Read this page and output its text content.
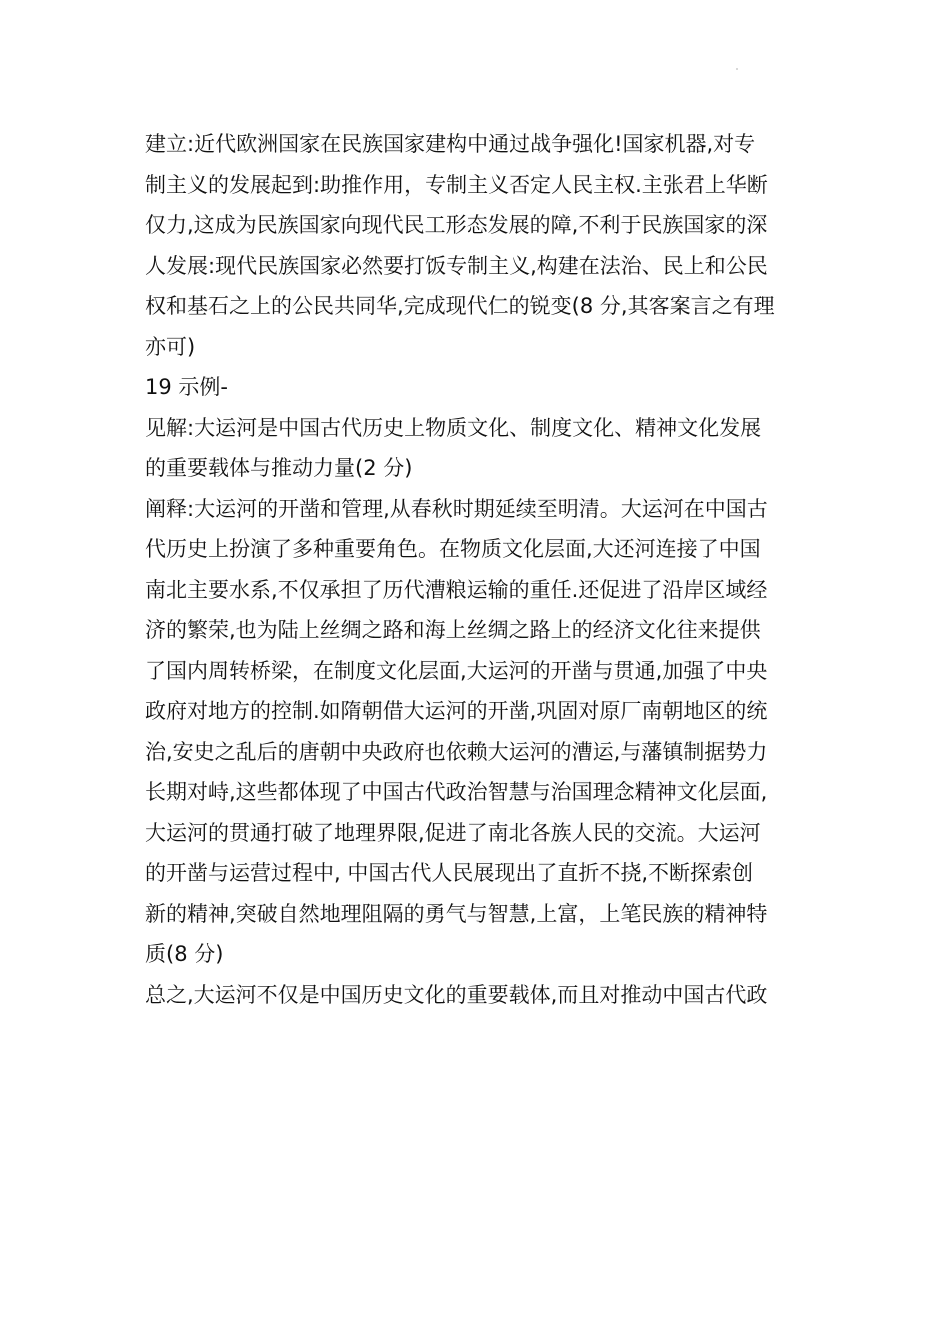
建立:近代欧洲国家在民族国家建构中通过战争强化!国家机器,对专
制主义的发展起到:助推作用，专制主义否定人民主权.主张君上华断
仅力,这成为民族国家向现代民工形态发展的障,不利于民族国家的深
人发展:现代民族国家必然要打饭专制主义,构建在法治、民上和公民
权和基石之上的公民共同华,完成现代仁的锐变(8 分,其客案言之有理
亦可)
19 示例-
见解:大运河是中国古代历史上物质文化、制度文化、精神文化发展
的重要载体与推动力量(2 分)
阐释:大运河的开凿和管理,从春秋时期延续至明清。大运河在中国古
代历史上扮演了多种重要角色。在物质文化层面,大还河连接了中国
南北主要水系,不仅承担了历代漕粮运输的重任.还促进了沿岸区域经
济的繁荣,也为陆上丝绸之路和海上丝绸之路上的经济文化往来提供
了国内周转桥梁，在制度文化层面,大运河的开凿与贯通,加强了中央
政府对地方的控制.如隋朝借大运河的开凿,巩固对原厂南朝地区的统
治,安史之乱后的唐朝中央政府也依赖大运河的漕运,与藩镇制据势力
长期对峙,这些都体现了中国古代政治智慧与治国理念精神文化层面,
大运河的贯通打破了地理界限,促进了南北各族人民的交流。大运河
的开凿与运营过程中, 中国古代人民展现出了直折不挠,不断探索创
新的精神,突破自然地理阻隔的勇气与智慧,上富，上笔民族的精神特
质(8 分)
总之,大运河不仅是中国历史文化的重要载体,而且对推动中国古代政
